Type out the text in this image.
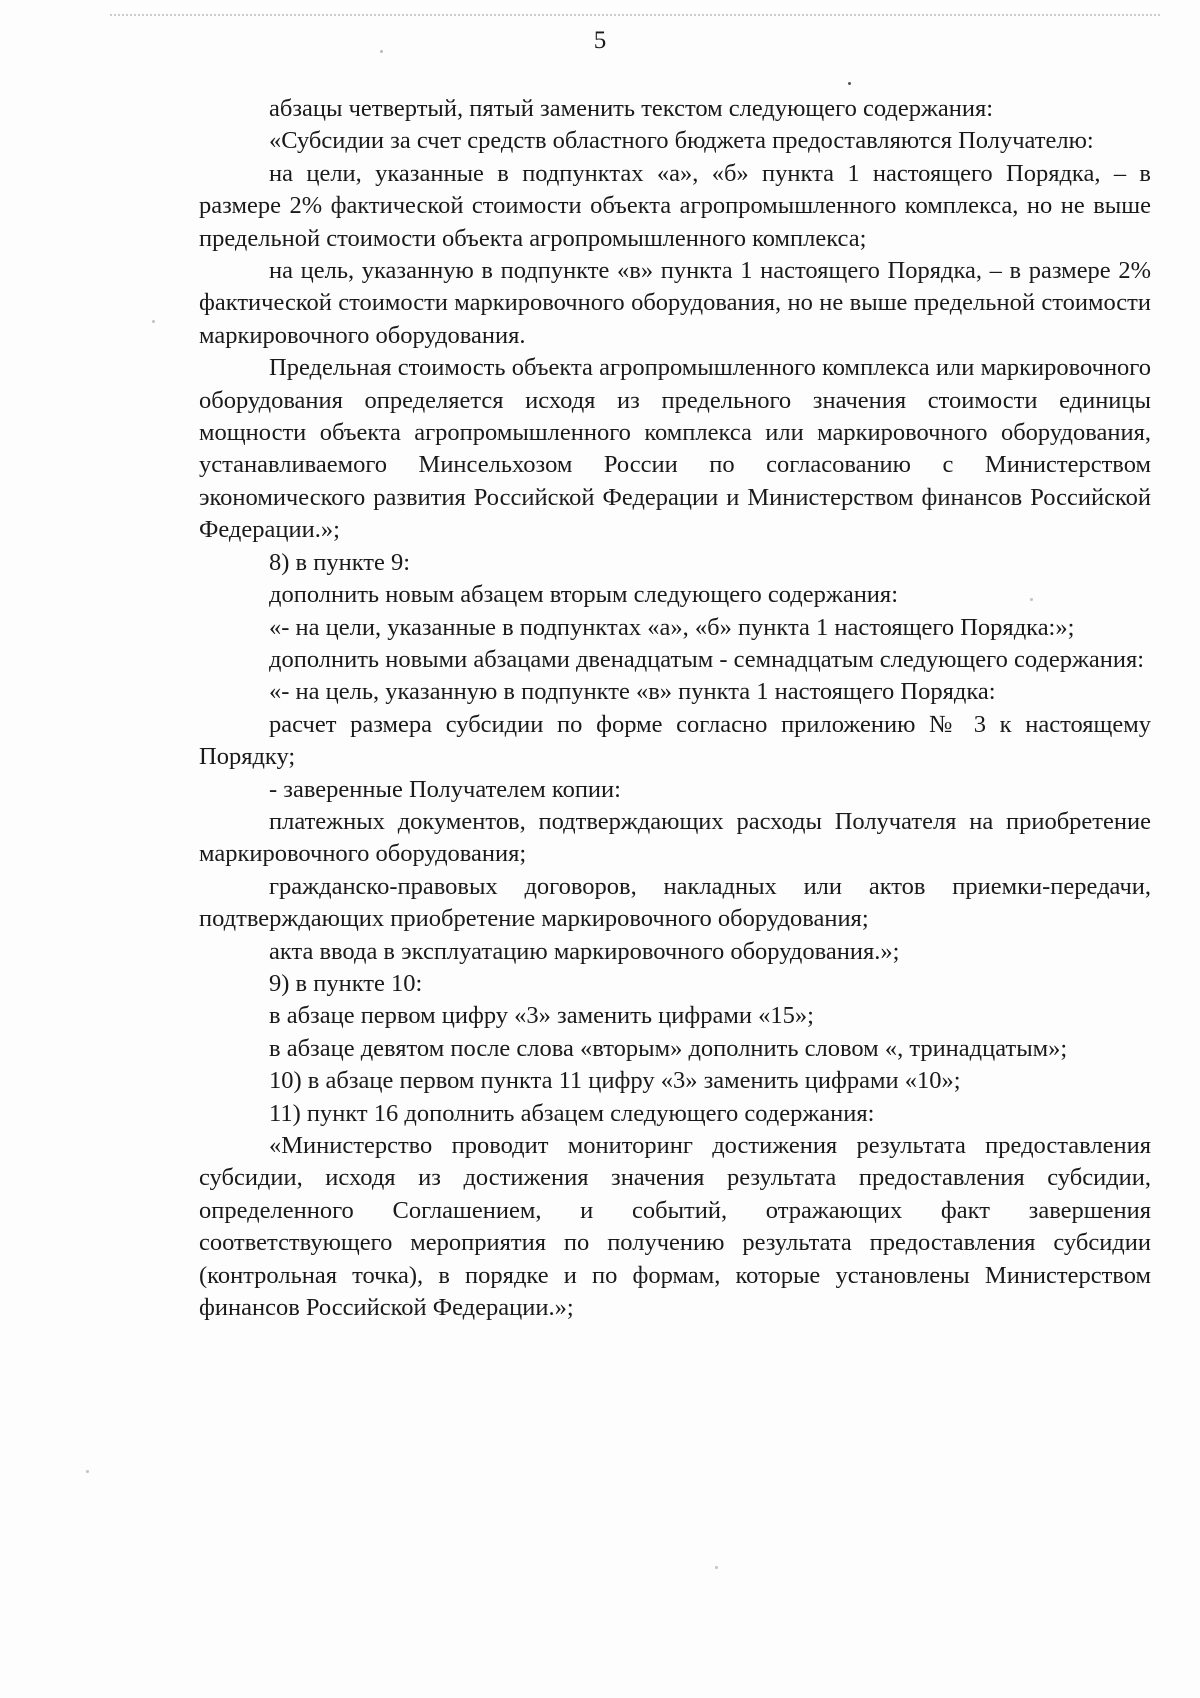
5

абзацы четвертый, пятый заменить текстом следующего содержания:

«Субсидии за счет средств областного бюджета предоставляются Получателю:

на цели, указанные в подпунктах «а», «б» пункта 1 настоящего Порядка, – в размере 2% фактической стоимости объекта агропромышленного комплекса, но не выше предельной стоимости объекта агропромышленного комплекса;

на цель, указанную в подпункте «в» пункта 1 настоящего Порядка, – в размере 2% фактической стоимости маркировочного оборудования, но не выше предельной стоимости маркировочного оборудования.

Предельная стоимость объекта агропромышленного комплекса или маркировочного оборудования определяется исходя из предельного значения стоимости единицы мощности объекта агропромышленного комплекса или маркировочного оборудования, устанавливаемого Минсельхозом России по согласованию с Министерством экономического развития Российской Федерации и Министерством финансов Российской Федерации.»;

8) в пункте 9:

дополнить новым абзацем вторым следующего содержания:

«- на цели, указанные в подпунктах «а», «б» пункта 1 настоящего Порядка:»;

дополнить новыми абзацами двенадцатым - семнадцатым следующего содержания:

«- на цель, указанную в подпункте «в» пункта 1 настоящего Порядка:

расчет размера субсидии по форме согласно приложению № 3 к настоящему Порядку;

- заверенные Получателем копии:

платежных документов, подтверждающих расходы Получателя на приобретение маркировочного оборудования;

гражданско-правовых договоров, накладных или актов приемки-передачи, подтверждающих приобретение маркировочного оборудования;

акта ввода в эксплуатацию маркировочного оборудования.»;

9) в пункте 10:

в абзаце первом цифру «3» заменить цифрами «15»;

в абзаце девятом после слова «вторым» дополнить словом «, тринадцатым»;

10) в абзаце первом пункта 11 цифру «3» заменить цифрами «10»;

11) пункт 16 дополнить абзацем следующего содержания:

«Министерство проводит мониторинг достижения результата предоставления субсидии, исходя из достижения значения результата предоставления субсидии, определенного Соглашением, и событий, отражающих факт завершения соответствующего мероприятия по получению результата предоставления субсидии (контрольная точка), в порядке и по формам, которые установлены Министерством финансов Российской Федерации.»;
